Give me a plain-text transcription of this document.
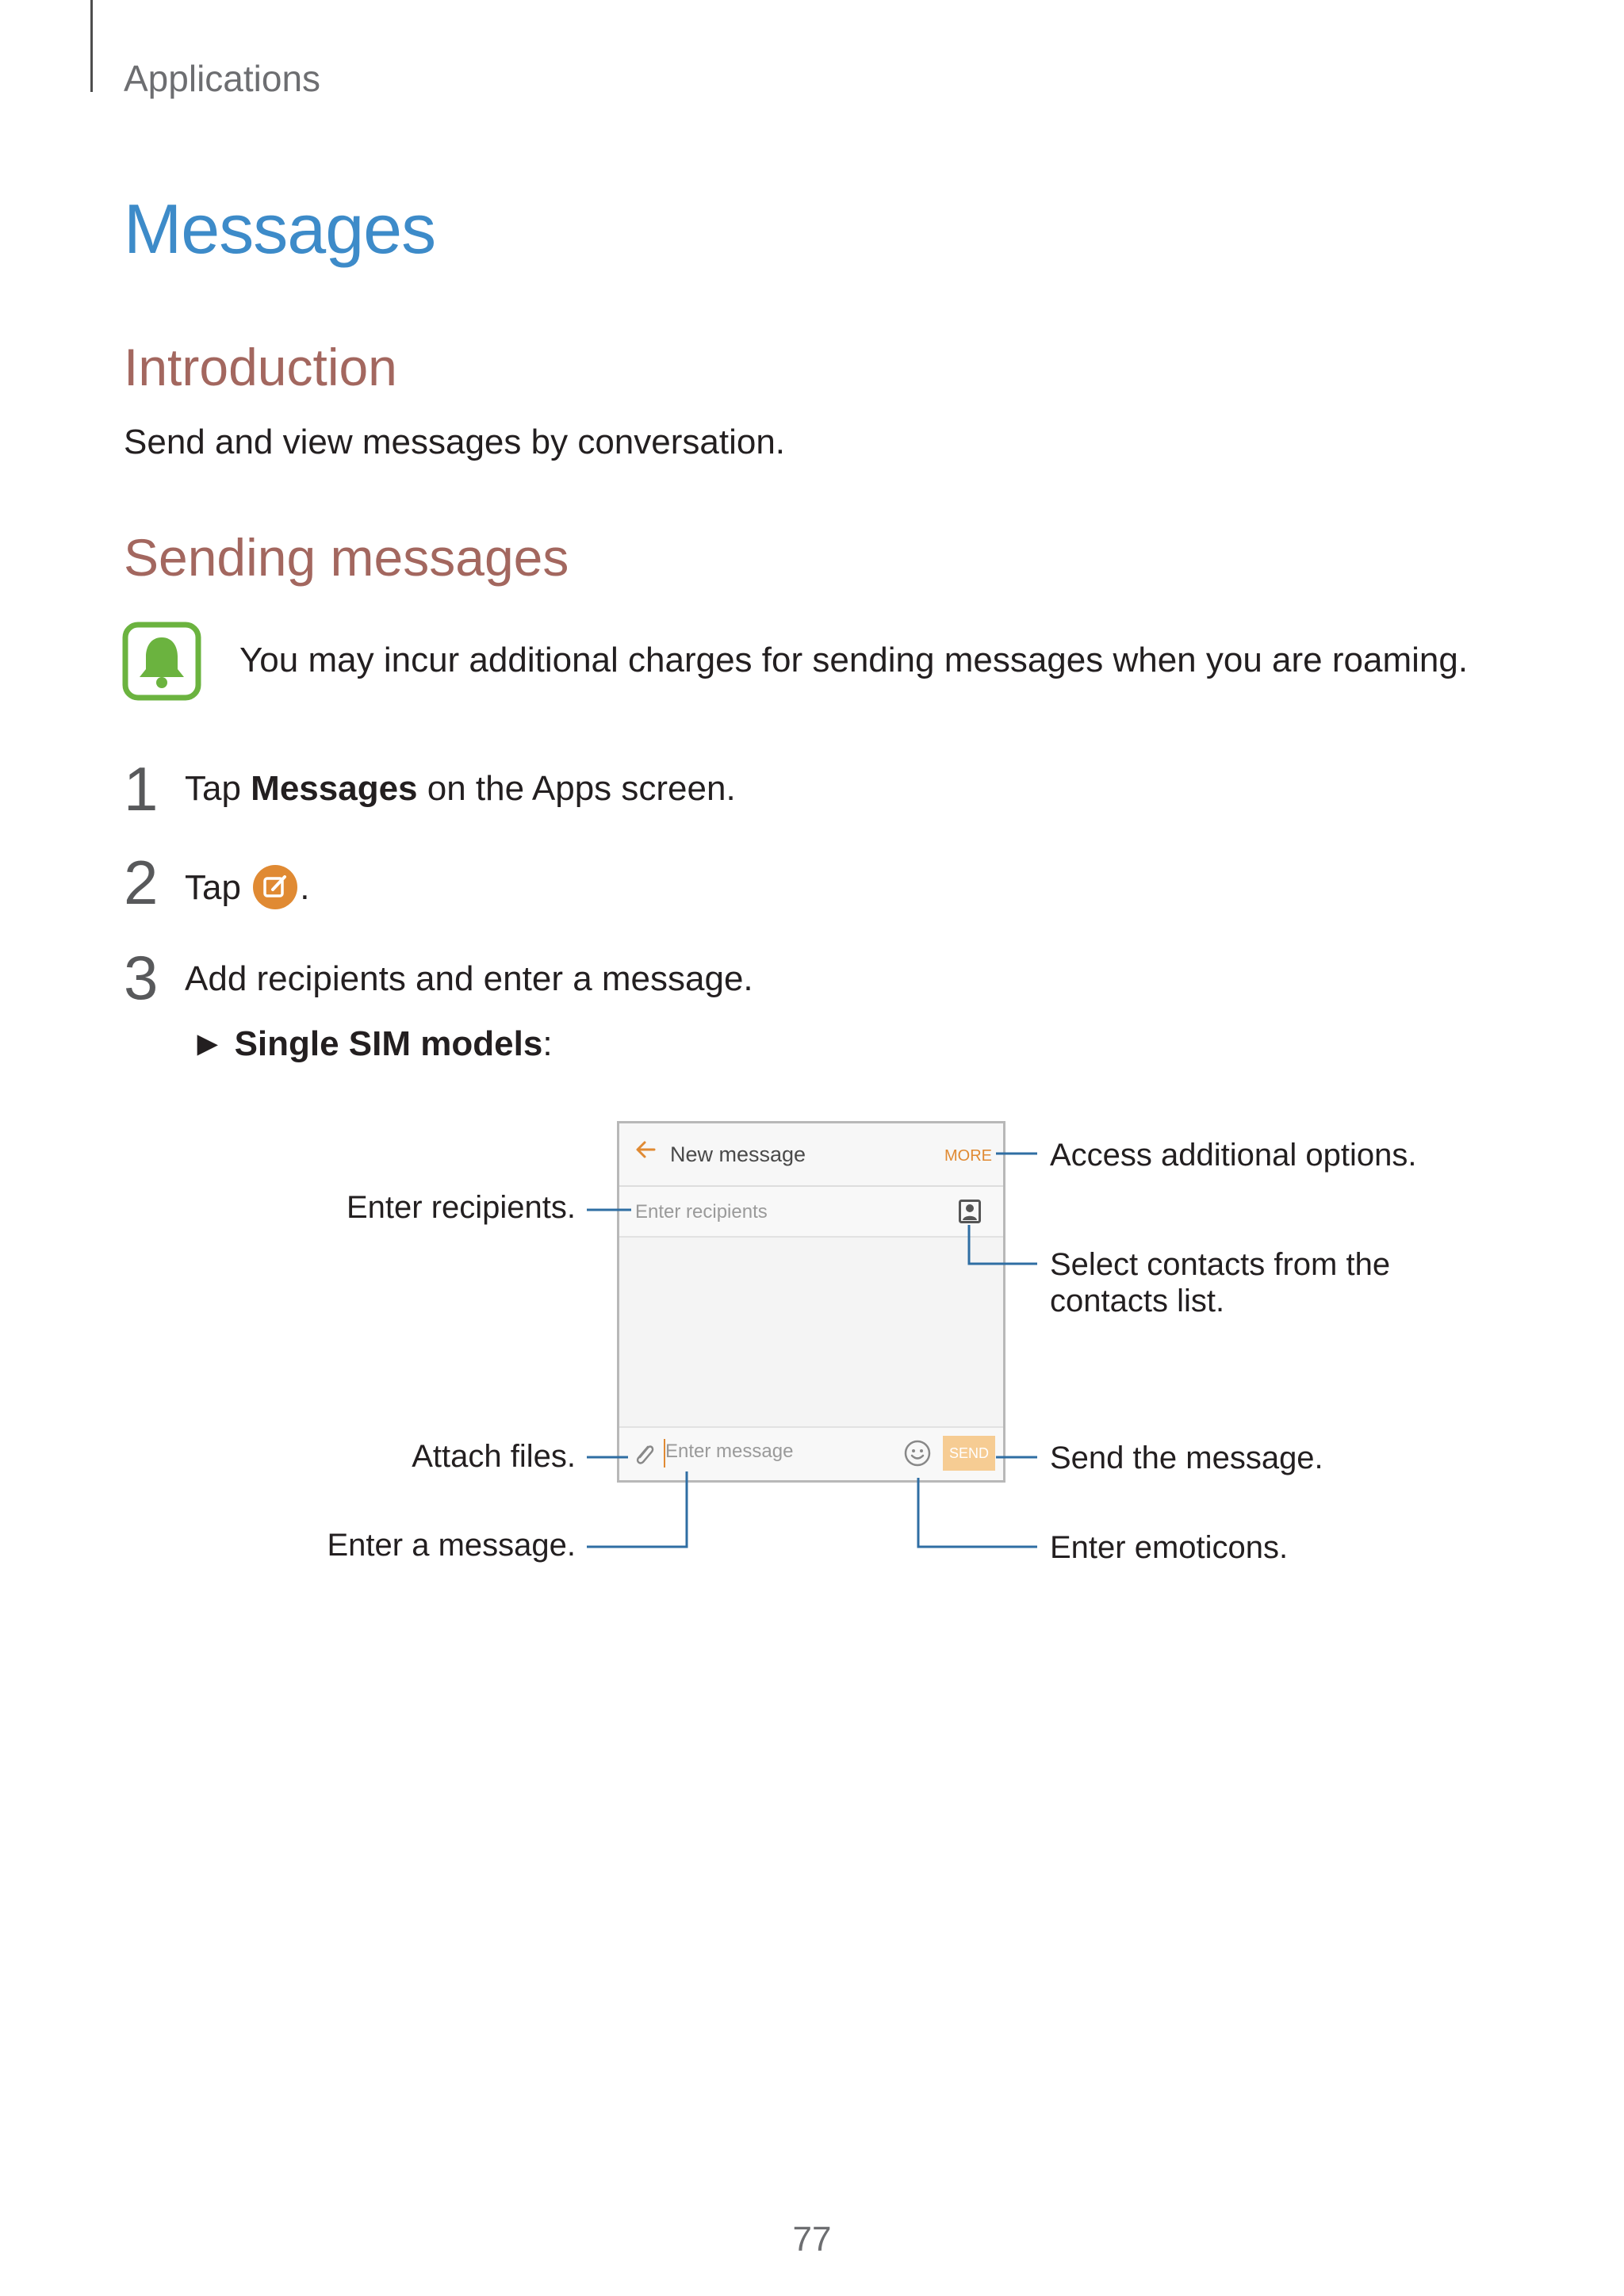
Applications
Messages
Introduction
Send and view messages by conversation.
Sending messages
You may incur additional charges for sending messages when you are roaming.
1 Tap Messages on the Apps screen.
2 Tap .
3 Add recipients and enter a message.
► Single SIM models:
New message	MORE
Enter recipients
Enter message	SEND
Enter recipients.
Attach files.
Enter a message.
Access additional options.
Select contacts from the
contacts list.
Send the message.
Enter emoticons.
77
